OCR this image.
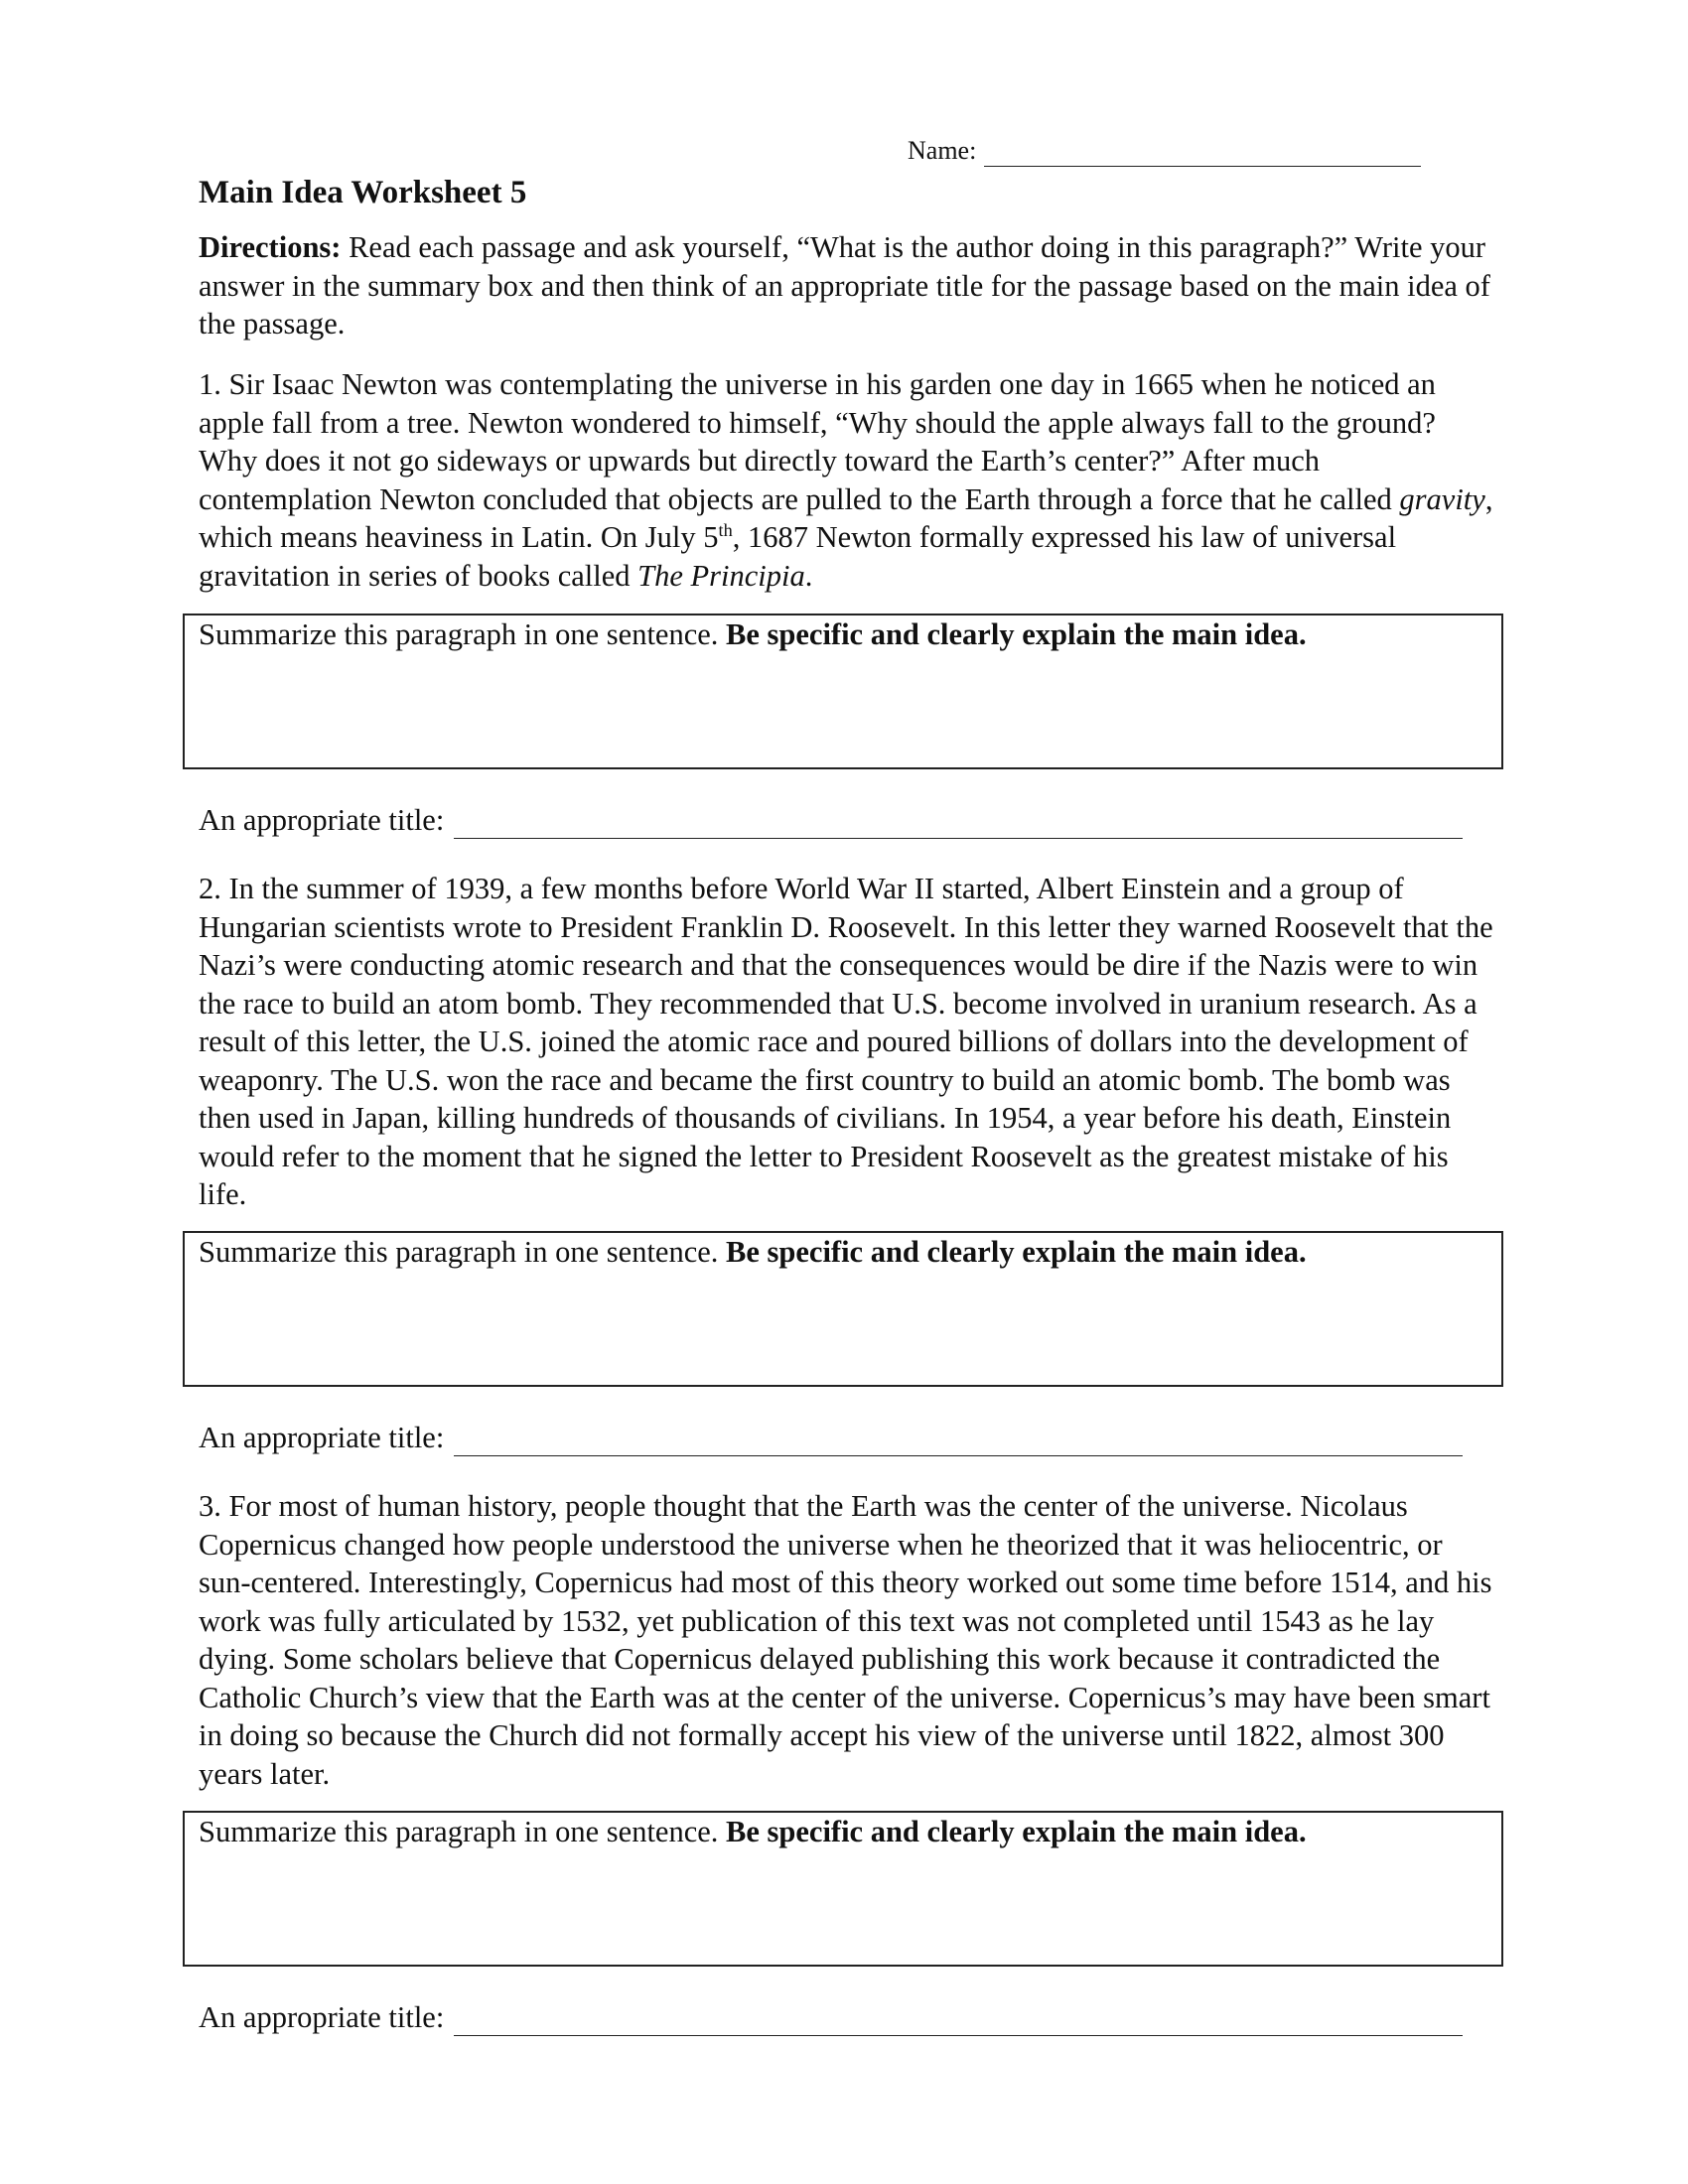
Name:
Main Idea Worksheet 5
Directions: Read each passage and ask yourself, “What is the author doing in this paragraph?” Write your answer in the summary box and then think of an appropriate title for the passage based on the main idea of the passage.
1. Sir Isaac Newton was contemplating the universe in his garden one day in 1665 when he noticed an apple fall from a tree. Newton wondered to himself, “Why should the apple always fall to the ground? Why does it not go sideways or upwards but directly toward the Earth’s center?” After much contemplation Newton concluded that objects are pulled to the Earth through a force that he called gravity, which means heaviness in Latin. On July 5th, 1687 Newton formally expressed his law of universal gravitation in series of books called The Principia.
Summarize this paragraph in one sentence. Be specific and clearly explain the main idea.
An appropriate title:
2. In the summer of 1939, a few months before World War II started, Albert Einstein and a group of Hungarian scientists wrote to President Franklin D. Roosevelt. In this letter they warned Roosevelt that the Nazi’s were conducting atomic research and that the consequences would be dire if the Nazis were to win the race to build an atom bomb. They recommended that U.S. become involved in uranium research. As a result of this letter, the U.S. joined the atomic race and poured billions of dollars into the development of weaponry. The U.S. won the race and became the first country to build an atomic bomb. The bomb was then used in Japan, killing hundreds of thousands of civilians. In 1954, a year before his death, Einstein would refer to the moment that he signed the letter to President Roosevelt as the greatest mistake of his life.
Summarize this paragraph in one sentence. Be specific and clearly explain the main idea.
An appropriate title:
3. For most of human history, people thought that the Earth was the center of the universe. Nicolaus Copernicus changed how people understood the universe when he theorized that it was heliocentric, or sun-centered. Interestingly, Copernicus had most of this theory worked out some time before 1514, and his work was fully articulated by 1532, yet publication of this text was not completed until 1543 as he lay dying. Some scholars believe that Copernicus delayed publishing this work because it contradicted the Catholic Church’s view that the Earth was at the center of the universe. Copernicus’s may have been smart in doing so because the Church did not formally accept his view of the universe until 1822, almost 300 years later.
Summarize this paragraph in one sentence. Be specific and clearly explain the main idea.
An appropriate title:
